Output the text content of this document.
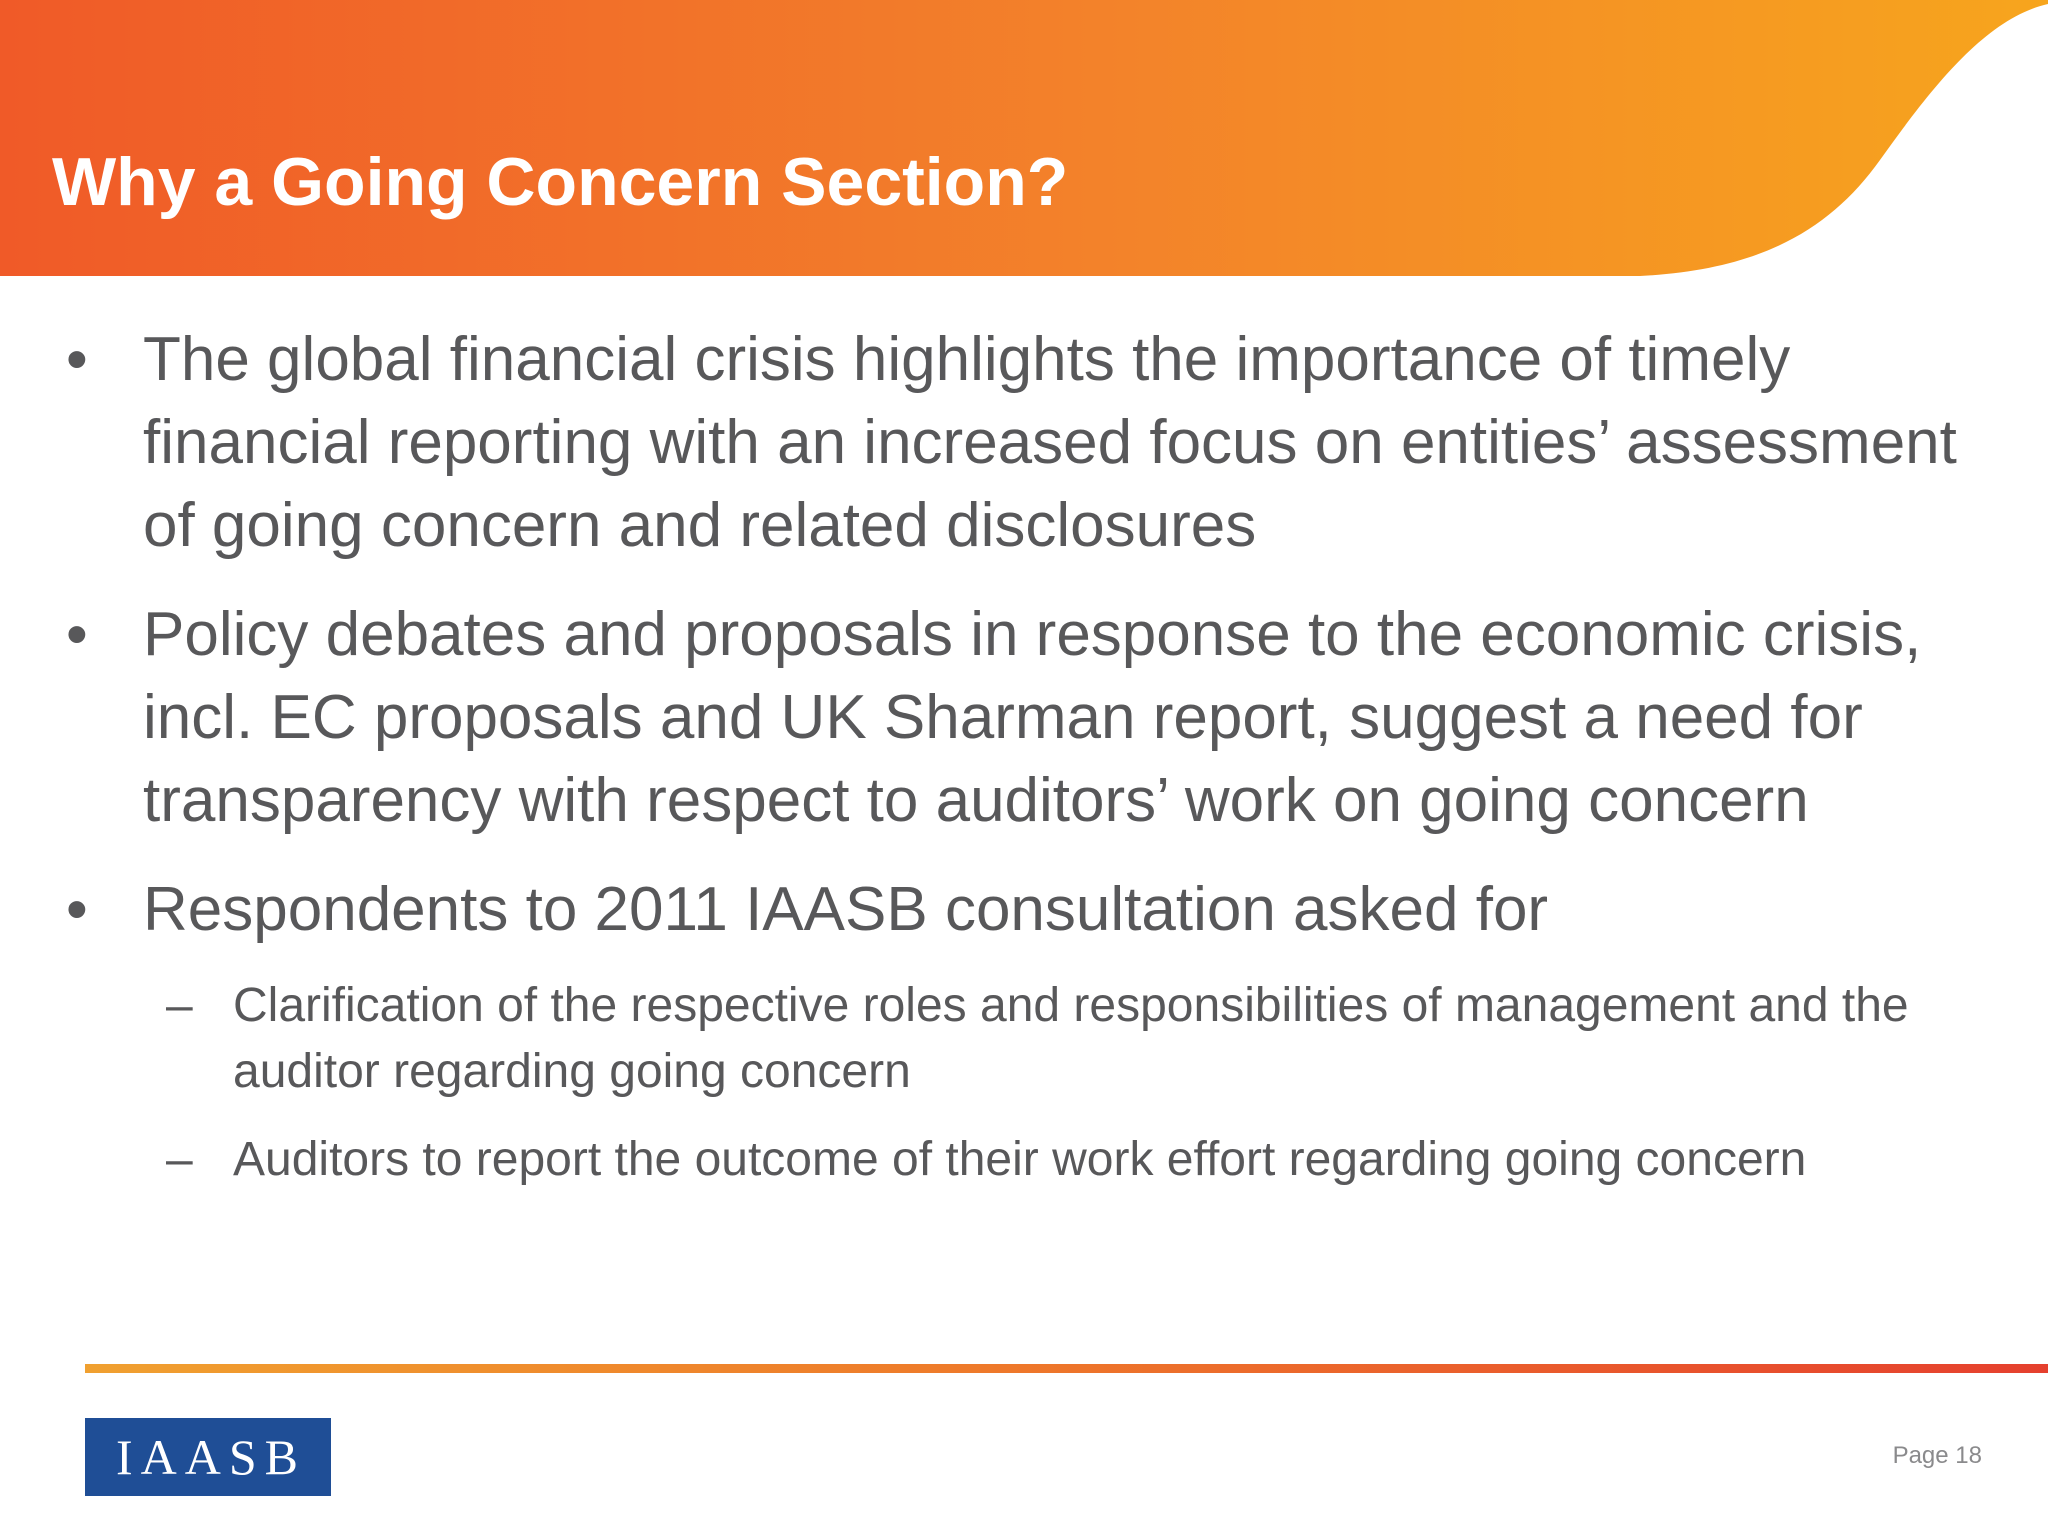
Why a Going Concern Section?

• The global financial crisis highlights the importance of timely financial reporting with an increased focus on entities’ assessment of going concern and related disclosures

• Policy debates and proposals in response to the economic crisis, incl. EC proposals and UK Sharman report, suggest a need for transparency with respect to auditors’ work on going concern

• Respondents to 2011 IAASB consultation asked for

– Clarification of the respective roles and responsibilities of management and the auditor regarding going concern

– Auditors to report the outcome of their work effort regarding going concern

IAASB	Page 18
